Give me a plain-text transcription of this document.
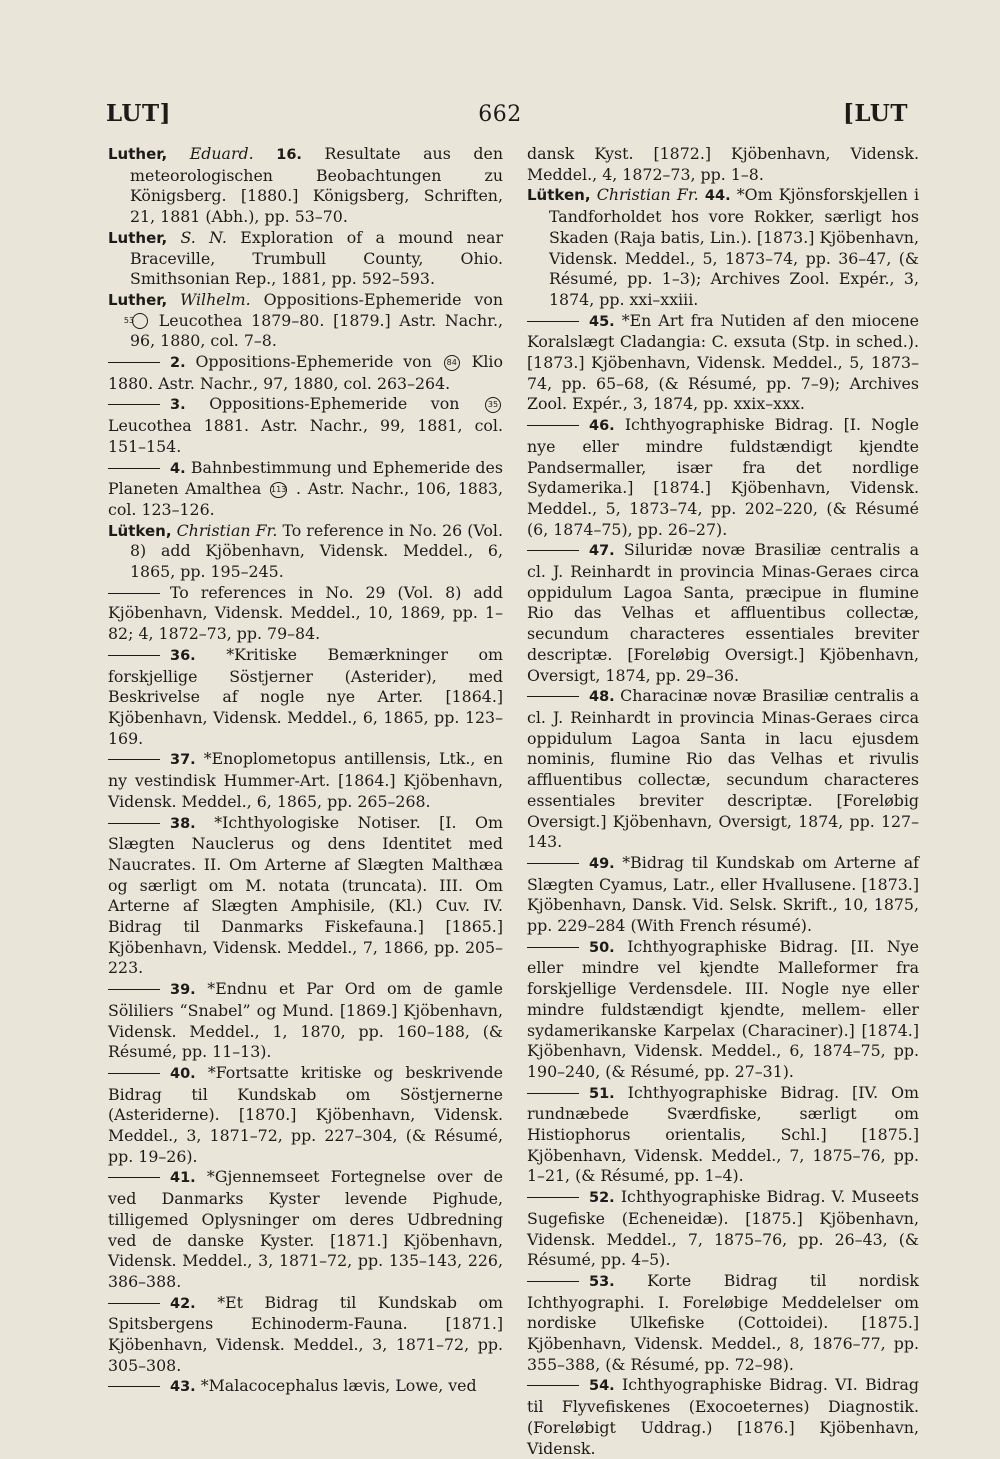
LUT]	662	[LUT

Luther, Eduard. 16. Resultate aus den meteorologischen Beobachtungen zu Königsberg. [1880.] Königsberg, Schriften, 21, 1881 (Abh.), pp. 53–70.

Luther, S. N. Exploration of a mound near Braceville, Trumbull County, Ohio. Smithsonian Rep., 1881, pp. 592–593.

Luther, Wilhelm. Oppositions-Ephemeride von 53 Leucothea 1879–80. [1879.] Astr. Nachr., 96, 1880, col. 7–8.

2. Oppositions-Ephemeride von 84 Klio 1880. Astr. Nachr., 97, 1880, col. 263–264.

3. Oppositions-Ephemeride von	35 Leucothea 1881. Astr. Nachr., 99, 1881, col. 151–154.

4. Bahnbestimmung und Ephemeride des Planeten Amalthea 113 . Astr. Nachr., 106, 1883, col. 123–126.

Lütken, Christian Fr. To reference in No. 26 (Vol. 8) add Kjöbenhavn, Vidensk. Meddel., 6, 1865, pp. 195–245.

To references in No. 29 (Vol. 8) add Kjöbenhavn, Vidensk. Meddel., 10, 1869, pp. 1–82; 4, 1872–73, pp. 79–84.

36. *Kritiske Bemærkninger om forskjellige Söstjerner (Asterider), med Beskrivelse af nogle nye Arter. [1864.] Kjöbenhavn, Vidensk. Meddel., 6, 1865, pp. 123–169.

37. *Enoplometopus antillensis, Ltk., en ny vestindisk Hummer-Art. [1864.] Kjöbenhavn, Vidensk. Meddel., 6, 1865, pp. 265–268.

38. *Ichthyologiske Notiser. [I. Om Slægten Nauclerus og dens Identitet med Naucrates. II. Om Arterne af Slægten Malthæa og særligt om M. notata (truncata). III. Om Arterne af Slægten Amphisile, (Kl.) Cuv. IV. Bidrag til Danmarks Fiskefauna.] [1865.] Kjöbenhavn, Vidensk. Meddel., 7, 1866, pp. 205–223.

39. *Endnu et Par Ord om de gamle Söliliers “Snabel” og Mund. [1869.] Kjöbenhavn, Vidensk. Meddel., 1, 1870, pp. 160–188, (& Résumé, pp. 11–13).

40. *Fortsatte kritiske og beskrivende Bidrag til Kundskab om Söstjernerne (Asteriderne). [1870.] Kjöbenhavn, Vidensk. Meddel., 3, 1871–72, pp. 227–304, (& Résumé, pp. 19–26).

41. *Gjennemseet Fortegnelse over de ved Danmarks Kyster levende Pighude, tilligemed Oplysninger om deres Udbredning ved de danske Kyster. [1871.] Kjöbenhavn, Vidensk. Meddel., 3, 1871–72, pp. 135–143, 226, 386–388.

42. *Et Bidrag til Kundskab om Spitsbergens Echinoderm-Fauna. [1871.] Kjöbenhavn, Vidensk. Meddel., 3, 1871–72, pp. 305–308.

43. *Malacocephalus lævis, Lowe, ved

dansk Kyst. [1872.] Kjöbenhavn, Vidensk. Meddel., 4, 1872–73, pp. 1–8.

Lütken, Christian Fr. 44. *Om Kjönsforskjellen i Tandforholdet hos vore Rokker, særligt hos Skaden (Raja batis, Lin.). [1873.] Kjöbenhavn, Vidensk. Meddel., 5, 1873–74, pp. 36–47, (& Résumé, pp. 1–3); Archives Zool. Expér., 3, 1874, pp. xxi–xxiii.

45. *En Art fra Nutiden af den miocene Koralslægt Cladangia: C. exsuta (Stp. in sched.). [1873.] Kjöbenhavn, Vidensk. Meddel., 5, 1873–74, pp. 65–68, (& Résumé, pp. 7–9); Archives Zool. Expér., 3, 1874, pp. xxix–xxx.

46. Ichthyographiske Bidrag. [I. Nogle nye eller mindre fuldstændigt kjendte Pandsermaller, især fra det nordlige Sydamerika.] [1874.] Kjöbenhavn, Vidensk. Meddel., 5, 1873–74, pp. 202–220, (& Résumé (6, 1874–75), pp. 26–27).

47. Siluridæ novæ Brasiliæ centralis a cl. J. Reinhardt in provincia Minas-Geraes circa oppidulum Lagoa Santa, præcipue in flumine Rio das Velhas et affluentibus collectæ, secundum characteres essentiales breviter descriptæ. [Foreløbig Oversigt.] Kjöbenhavn, Oversigt, 1874, pp. 29–36.

48. Characinæ novæ Brasiliæ centralis a cl. J. Reinhardt in provincia Minas-Geraes circa oppidulum Lagoa Santa in lacu ejusdem nominis, flumine Rio das Velhas et rivulis affluentibus collectæ, secundum characteres essentiales breviter descriptæ. [Foreløbig Oversigt.] Kjöbenhavn, Oversigt, 1874, pp. 127–143.

49. *Bidrag til Kundskab om Arterne af Slægten Cyamus, Latr., eller Hvallusene. [1873.] Kjöbenhavn, Dansk. Vid. Selsk. Skrift., 10, 1875, pp. 229–284 (With French résumé).

50. Ichthyographiske Bidrag. [II. Nye eller mindre vel kjendte Malleformer fra forskjellige Verdensdele. III. Nogle nye eller mindre fuldstændigt kjendte, mellem- eller sydamerikanske Karpelax (Characiner).] [1874.] Kjöbenhavn, Vidensk. Meddel., 6, 1874–75, pp. 190–240, (& Résumé, pp. 27–31).

51. Ichthyographiske Bidrag. [IV. Om rundnæbede Sværdfiske, særligt om Histiophorus orientalis, Schl.] [1875.] Kjöbenhavn, Vidensk. Meddel., 7, 1875–76, pp. 1–21, (& Résumé, pp. 1–4).

52. Ichthyographiske Bidrag. V. Museets Sugefiske (Echeneidæ). [1875.] Kjöbenhavn, Vidensk. Meddel., 7, 1875–76, pp. 26–43, (& Résumé, pp. 4–5).

53. Korte Bidrag til nordisk Ichthyographi. I. Foreløbige Meddelelser om nordiske Ulkefiske (Cottoidei). [1875.] Kjöbenhavn, Vidensk. Meddel., 8, 1876–77, pp. 355–388, (& Résumé, pp. 72–98).

54. Ichthyographiske Bidrag. VI. Bidrag til Flyvefiskenes (Exocoeternes) Diagnostik. (Foreløbigt Uddrag.) [1876.] Kjöbenhavn, Vidensk.
